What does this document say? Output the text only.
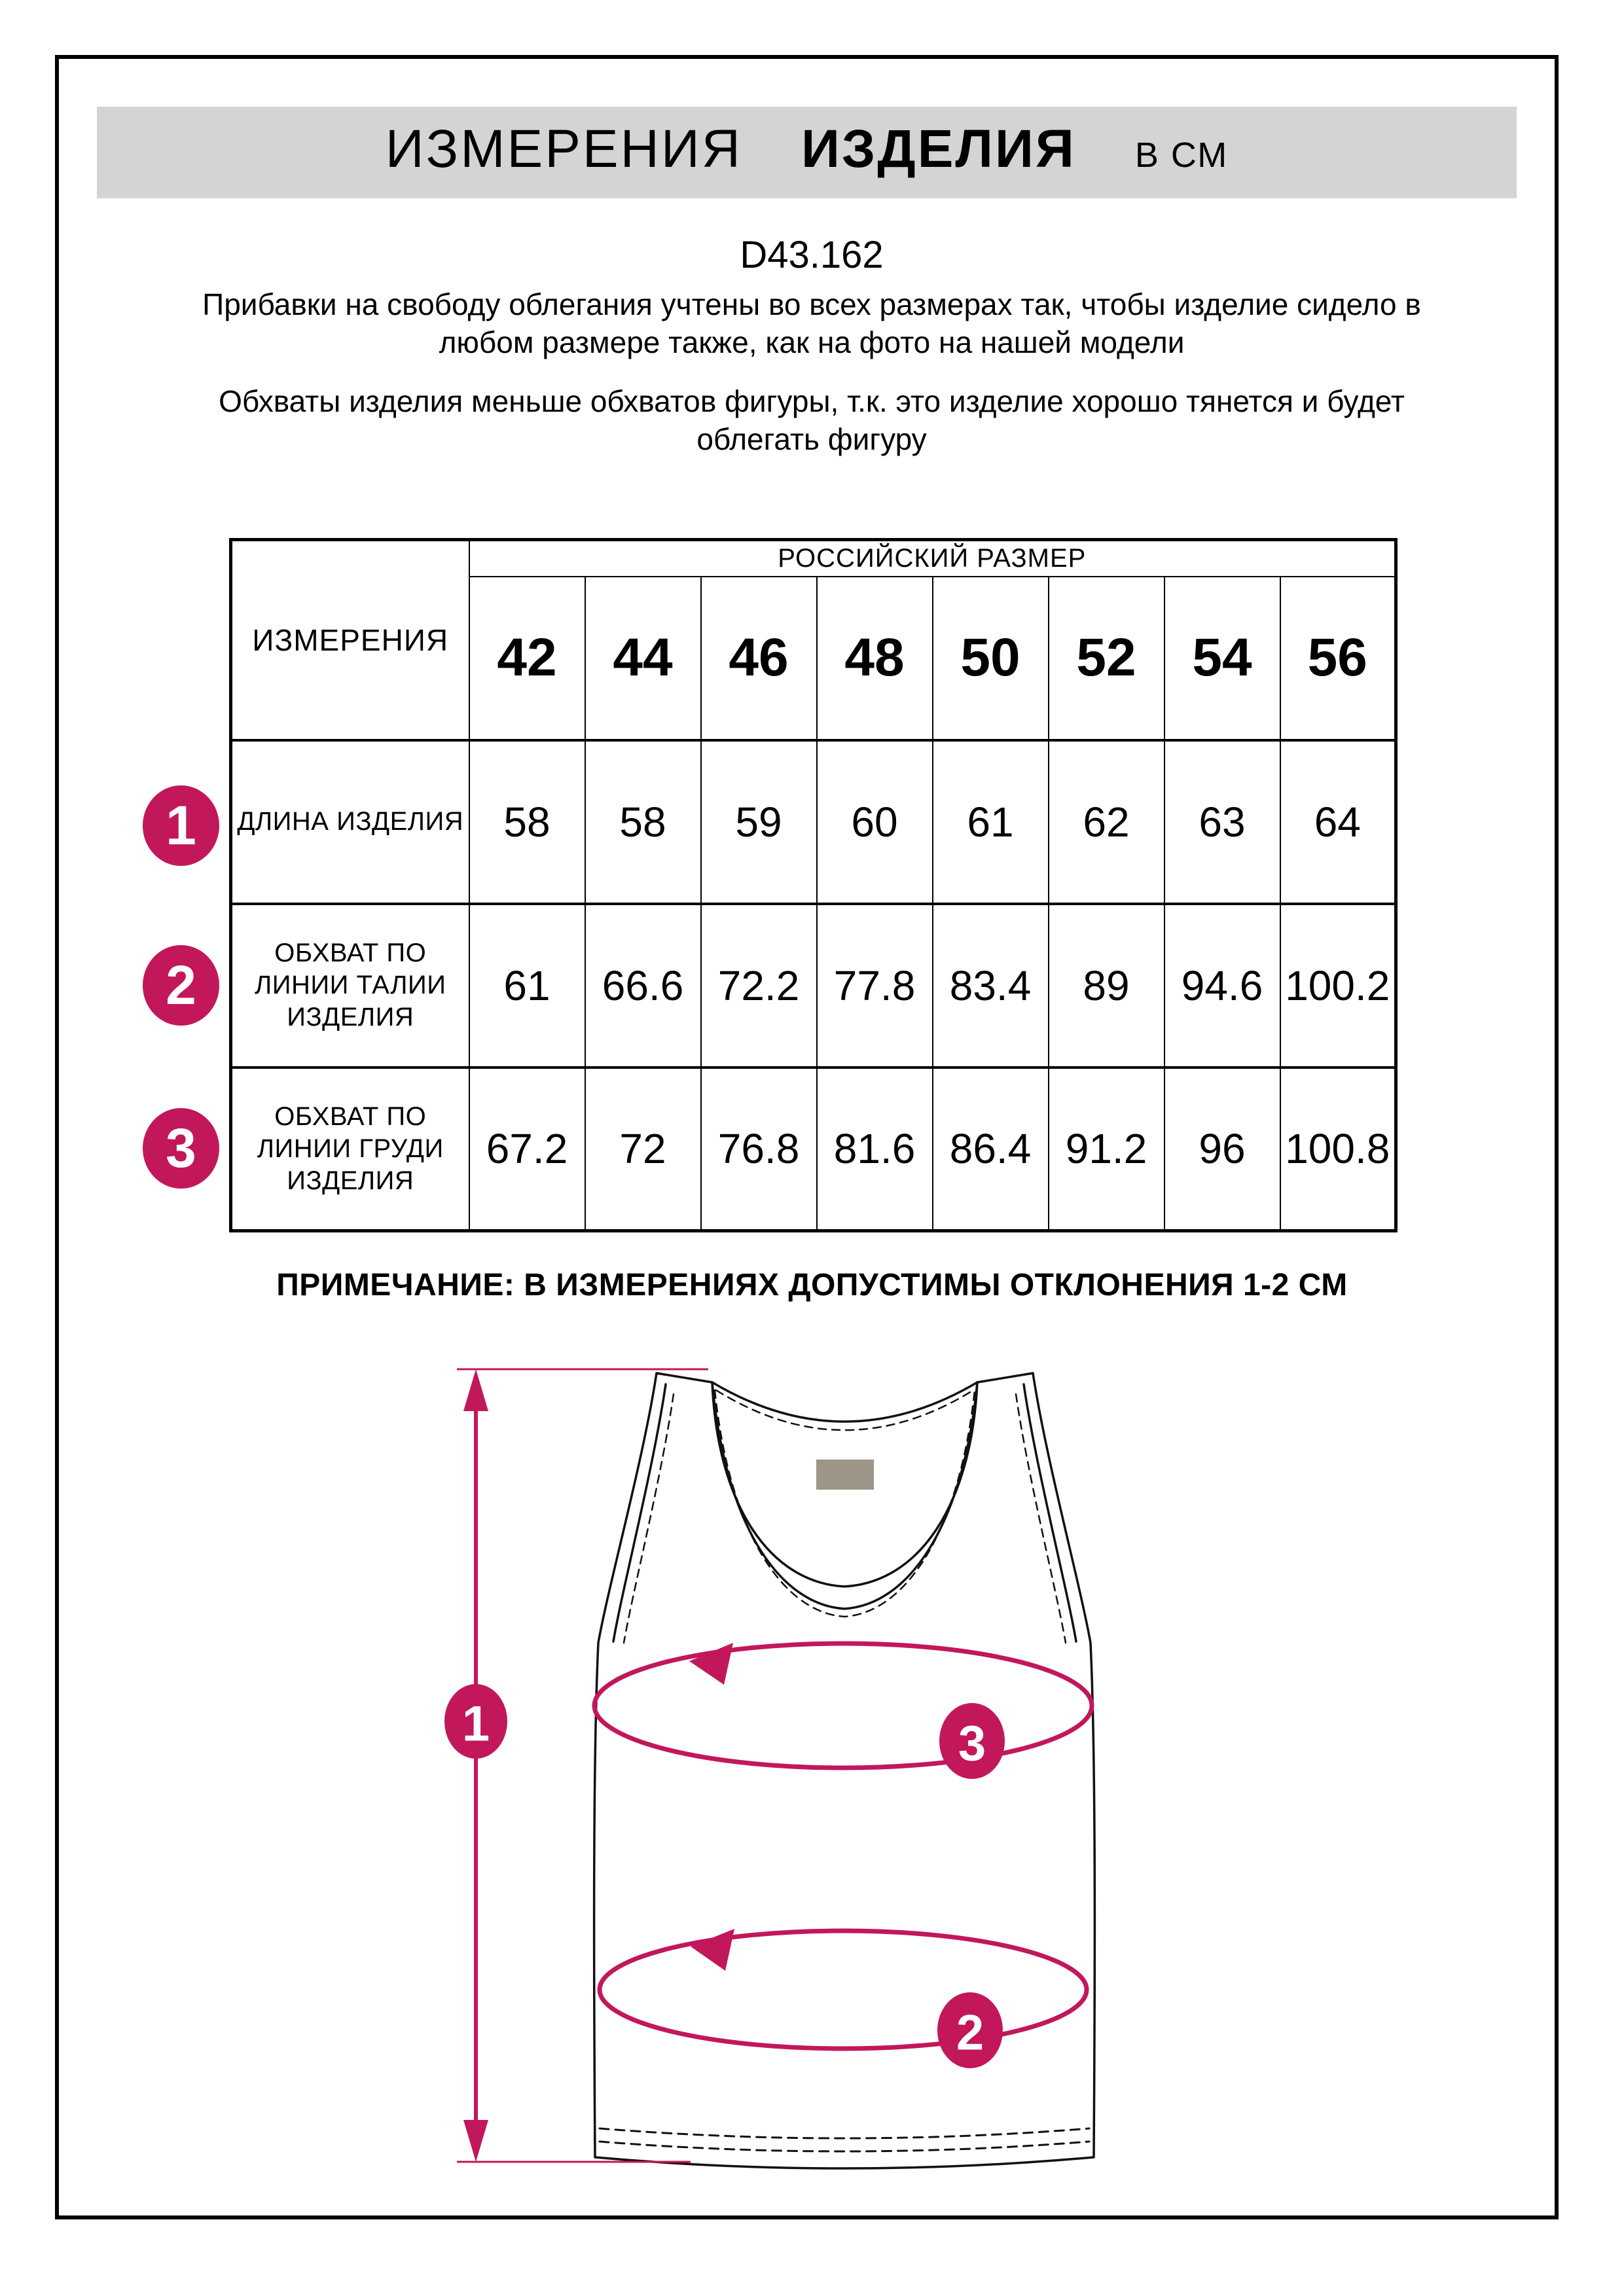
ИЗМЕРЕНИЯ ИЗДЕЛИЯ В СМ
D43.162
Прибавки на свободу облегания учтены во всех размерах так, чтобы изделие сидело в любом размере также, как на фото на нашей модели
Обхваты изделия меньше обхватов фигуры, т.к. это изделие хорошо тянется и будет облегать фигуру
ИЗМЕРЕНИЯ	РОССИЙСКИЙ РАЗМЕР							
	42	44	46	48	50	52	54	56
ДЛИНА ИЗДЕЛИЯ	58	58	59	60	61	62	63	64
ОБХВАТ ПО ЛИНИИ ТАЛИИ ИЗДЕЛИЯ	61	66.6	72.2	77.8	83.4	89	94.6	100.2
ОБХВАТ ПО ЛИНИИ ГРУДИ ИЗДЕЛИЯ	67.2	72	76.8	81.6	86.4	91.2	96	100.8
1
2
3
ПРИМЕЧАНИЕ: В ИЗМЕРЕНИЯХ ДОПУСТИМЫ ОТКЛОНЕНИЯ 1-2 СМ
1	3
2
